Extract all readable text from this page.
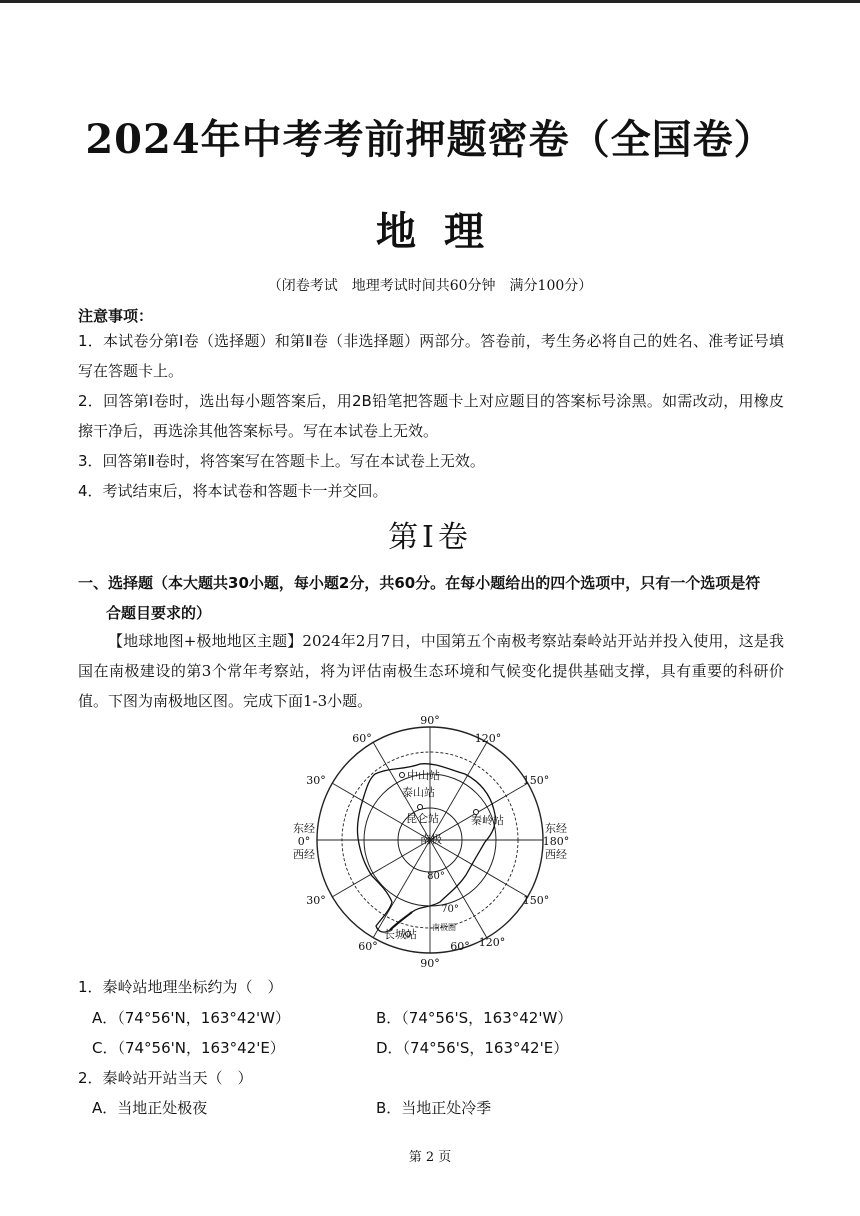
2024年中考考前押题密卷（全国卷）
地理
（闭卷考试　地理考试时间共60分钟　满分100分）
注意事项：
1．本试卷分第Ⅰ卷（选择题）和第Ⅱ卷（非选择题）两部分。答卷前，考生务必将自己的姓名、准考证号填写在答题卡上。
2．回答第Ⅰ卷时，选出每小题答案后，用2B铅笔把答题卡上对应题目的答案标号涂黑。如需改动，用橡皮擦干净后，再选涂其他答案标号。写在本试卷上无效。
3．回答第Ⅱ卷时，将答案写在答题卡上。写在本试卷上无效。
4．考试结束后，将本试卷和答题卡一并交回。
第Ⅰ卷
一、选择题（本大题共30小题，每小题2分，共60分。在每小题给出的四个选项中，只有一个选项是符
合题目要求的）

【地球地图+极地地区主题】2024年2月7日，中国第五个南极考察站秦岭站开站并投入使用，这是我国在南极建设的第3个常年考察站，将为评估南极生态环境和气候变化提供基础支撑，具有重要的科研价值。下图为南极地区图。完成下面1-3小题。

90°
90°
60°	120°
30°	150°
东经
0°
西经
东经
180°
西经
30°	150°
60°	120°
60°
80°
70°
中山站
泰山站
昆仑站	秦岭站
南极
长城站
南极圈
1．秦岭站地理坐标约为（　）
A．（74°56'N，163°42'W）	B．（74°56'S，163°42'W）
C．（74°56'N，163°42'E）	D．（74°56'S，163°42'E）
2．秦岭站开站当天（　）
A．当地正处极夜	B．当地正处冷季
第 2 页
